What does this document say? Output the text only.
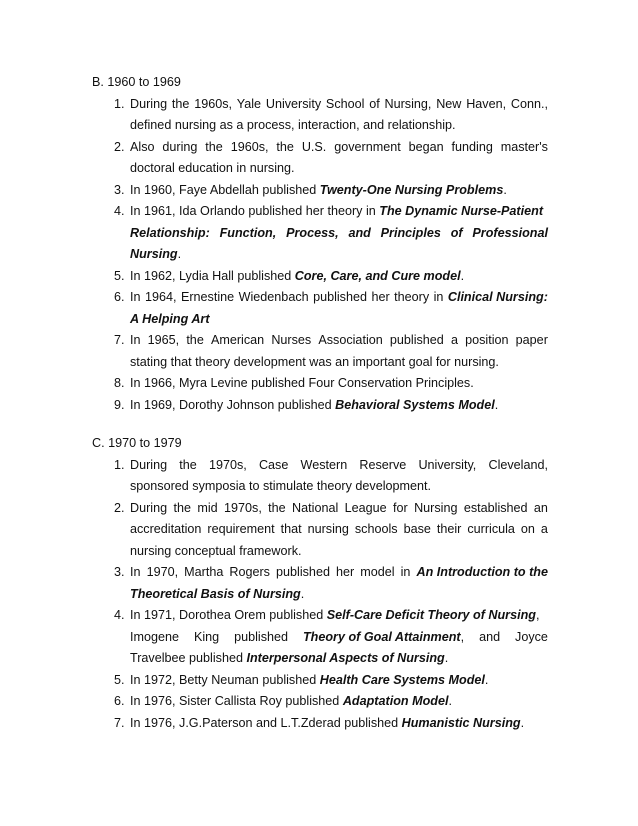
B. 1960 to 1969
1. During the 1960s, Yale University School of Nursing, New Haven, Conn.,
defined nursing as a process, interaction, and relationship.
2. Also during the 1960s, the U.S. government began funding master's
doctoral education in nursing.
3. In 1960, Faye Abdellah published Twenty-One Nursing Problems.
4. In 1961, Ida Orlando published her theory in The Dynamic Nurse-Patient
Relationship: Function, Process, and Principles of Professional
Nursing.
5. In 1962, Lydia Hall published Core, Care, and Cure model.
6. In 1964, Ernestine Wiedenbach published her theory in Clinical Nursing:
A Helping Art
7. In 1965, the American Nurses Association published a position paper
stating that theory development was an important goal for nursing.
8. In 1966, Myra Levine published Four Conservation Principles.
9. In 1969, Dorothy Johnson published Behavioral Systems Model.
C. 1970 to 1979
1. During the 1970s, Case Western Reserve University, Cleveland,
sponsored symposia to stimulate theory development.
2. During the mid 1970s, the National League for Nursing established an
accreditation requirement that nursing schools base their curricula on a
nursing conceptual framework.
3. In 1970, Martha Rogers published her model in An Introduction to the
Theoretical Basis of Nursing.
4. In 1971, Dorothea Orem published Self-Care Deficit Theory of Nursing,
Imogene King published Theory of Goal Attainment, and Joyce
Travelbee published Interpersonal Aspects of Nursing.
5. In 1972, Betty Neuman published Health Care Systems Model.
6. In 1976, Sister Callista Roy published Adaptation Model.
7. In 1976, J.G.Paterson and L.T.Zderad published Humanistic Nursing.
